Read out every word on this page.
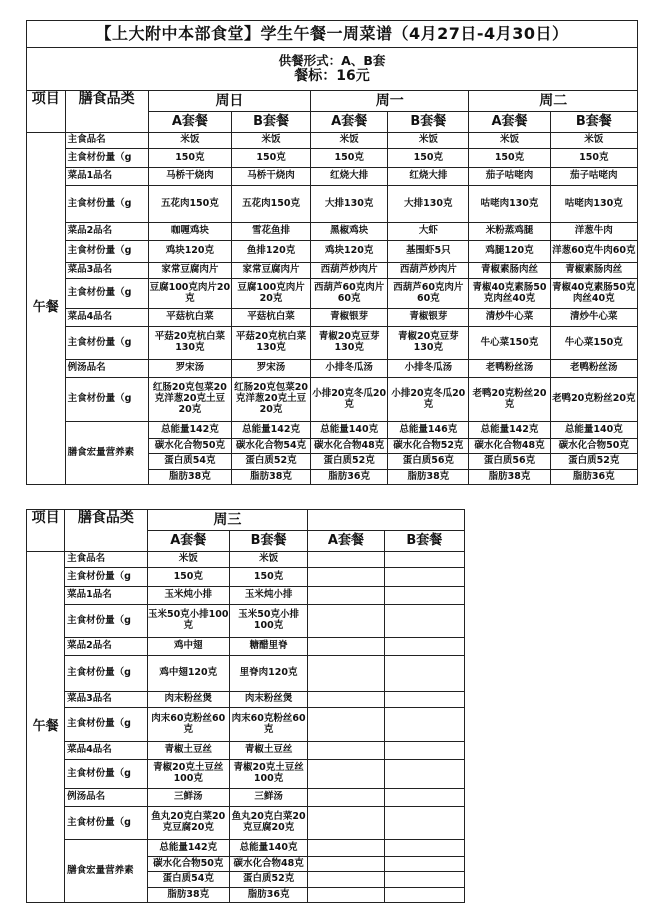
【上大附中本部食堂】学生午餐一周菜谱（4月27日-4月30日）							

供餐形式：A、B套
餐标：16元							

项目	膳食品类	周日		周一		周二	
		A套餐	B套餐	A套餐	B套餐	A套餐	B套餐
午餐	主食品名	米饭	米饭	米饭	米饭	米饭	米饭
	主食材份量（g	150克	150克	150克	150克	150克	150克
	菜品1品名	马桥干烧肉	马桥干烧肉	红烧大排	红烧大排	茄子咕咾肉	茄子咕咾肉
	主食材份量（g	五花肉150克	五花肉150克	大排130克	大排130克	咕咾肉130克	咕咾肉130克
	菜品2品名	咖喱鸡块	雪花鱼排	黑椒鸡块	大虾	米粉蒸鸡腿	洋葱牛肉
	主食材份量（g	鸡块120克	鱼排120克	鸡块120克	基围虾5只	鸡腿120克	洋葱60克牛肉60克
	菜品3品名	家常豆腐肉片	家常豆腐肉片	西葫芦炒肉片	西葫芦炒肉片	青椒素肠肉丝	青椒素肠肉丝
	主食材份量（g	豆腐100克肉片20克	豆腐100克肉片20克	西葫芦60克肉片60克	西葫芦60克肉片60克	青椒40克素肠50克肉丝40克	青椒40克素肠50克肉丝40克
	菜品4品名	平菇杭白菜	平菇杭白菜	青椒银芽	青椒银芽	清炒牛心菜	清炒牛心菜
	主食材份量（g	平菇20克杭白菜130克	平菇20克杭白菜130克	青椒20克豆芽130克	青椒20克豆芽130克	牛心菜150克	牛心菜150克
	例汤品名	罗宋汤	罗宋汤	小排冬瓜汤	小排冬瓜汤	老鸭粉丝汤	老鸭粉丝汤
	主食材份量（g	红肠20克包菜20克洋葱20克土豆20克	红肠20克包菜20克洋葱20克土豆20克	小排20克冬瓜20克	小排20克冬瓜20克	老鸭20克粉丝20克	老鸭20克粉丝20克
	膳食宏量营养素	总能量142克	总能量142克	总能量140克	总能量146克	总能量142克	总能量140克
		碳水化合物50克	碳水化合物54克	碳水化合物48克	碳水化合物52克	碳水化合物48克	碳水化合物50克
		蛋白质54克	蛋白质52克	蛋白质52克	蛋白质56克	蛋白质56克	蛋白质52克
		脂肪38克	脂肪38克	脂肪36克	脂肪38克	脂肪38克	脂肪36克
项目	膳食品类	周三			
		A套餐	B套餐	A套餐	B套餐
午餐	主食品名	米饭	米饭		
	主食材份量（g	150克	150克		
	菜品1品名	玉米炖小排	玉米炖小排		
	主食材份量（g	玉米50克小排100克	玉米50克小排100克		
	菜品2品名	鸡中翅	糖醋里脊		
	主食材份量（g	鸡中翅120克	里脊肉120克		
	菜品3品名	肉末粉丝煲	肉末粉丝煲		
	主食材份量（g	肉末60克粉丝60克	肉末60克粉丝60克		
	菜品4品名	青椒土豆丝	青椒土豆丝		
	主食材份量（g	青椒20克土豆丝100克	青椒20克土豆丝100克		
	例汤品名	三鲜汤	三鲜汤		
	主食材份量（g	鱼丸20克白菜20克豆腐20克	鱼丸20克白菜20克豆腐20克		
	膳食宏量营养素	总能量142克	总能量140克		
		碳水化合物50克	碳水化合物48克		
		蛋白质54克	蛋白质52克		
		脂肪38克	脂肪36克		
